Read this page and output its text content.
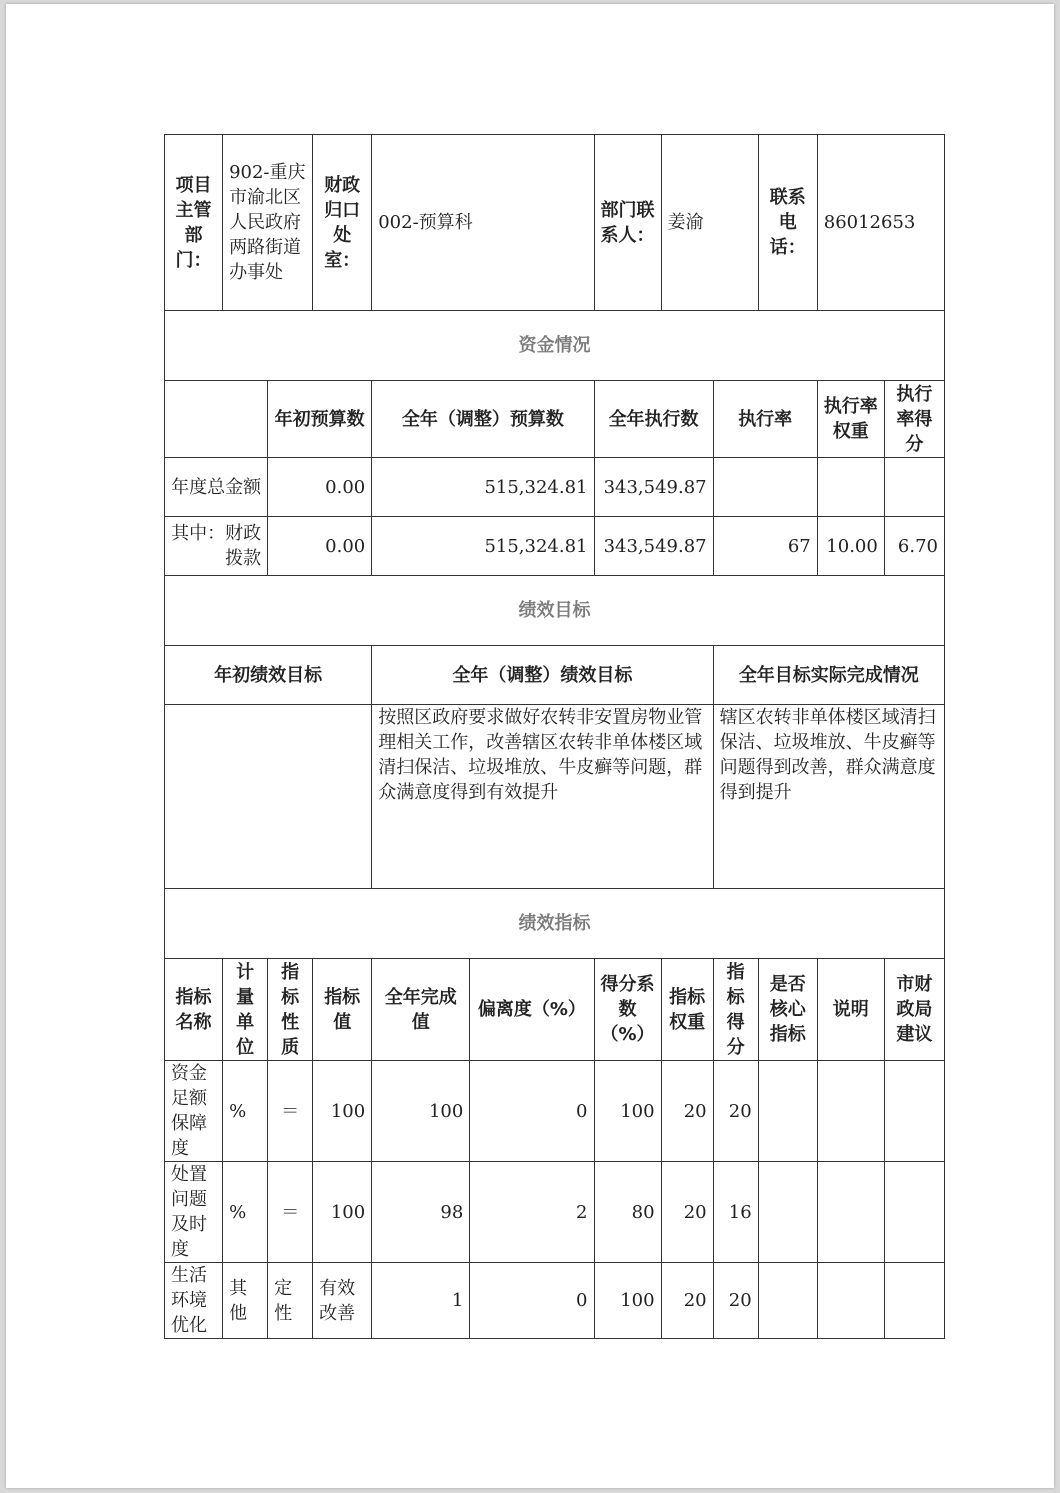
项目主管部门：	902-重庆市渝北区人民政府两路街道办事处		财政归口处室：	002-预算科		部门联系人：	姜渝		联系电话：	86012653	
资金情况											
		年初预算数		全年（调整）预算数		全年执行数		执行率		执行率权重	执行率得分
年度总金额		0.00		515,324.81		343,549.87					
其中：财政拨款		0.00		515,324.81		343,549.87		67		10.00	6.70
绩效目标											
年初绩效目标				全年（调整）绩效目标				全年目标实际完成情况			
				按照区政府要求做好农转非安置房物业管理相关工作，改善辖区农转非单体楼区域清扫保洁、垃圾堆放、牛皮癣等问题，群众满意度得到有效提升				辖区农转非单体楼区域清扫保洁、垃圾堆放、牛皮癣等问题得到改善，群众满意度得到提升			
绩效指标											
指标名称	计量单位	指标性质	指标值	全年完成值	偏离度（%）	得分系数（%）	指标权重	指标得分	是否核心指标	说明	市财政局建议
资金足额保障度	%	＝	100	100	0	100	20	20			
处置问题及时度	%	＝	100	98	2	80	20	16			
生活环境优化	其他	定性	有效改善	1	0	100	20	20			
